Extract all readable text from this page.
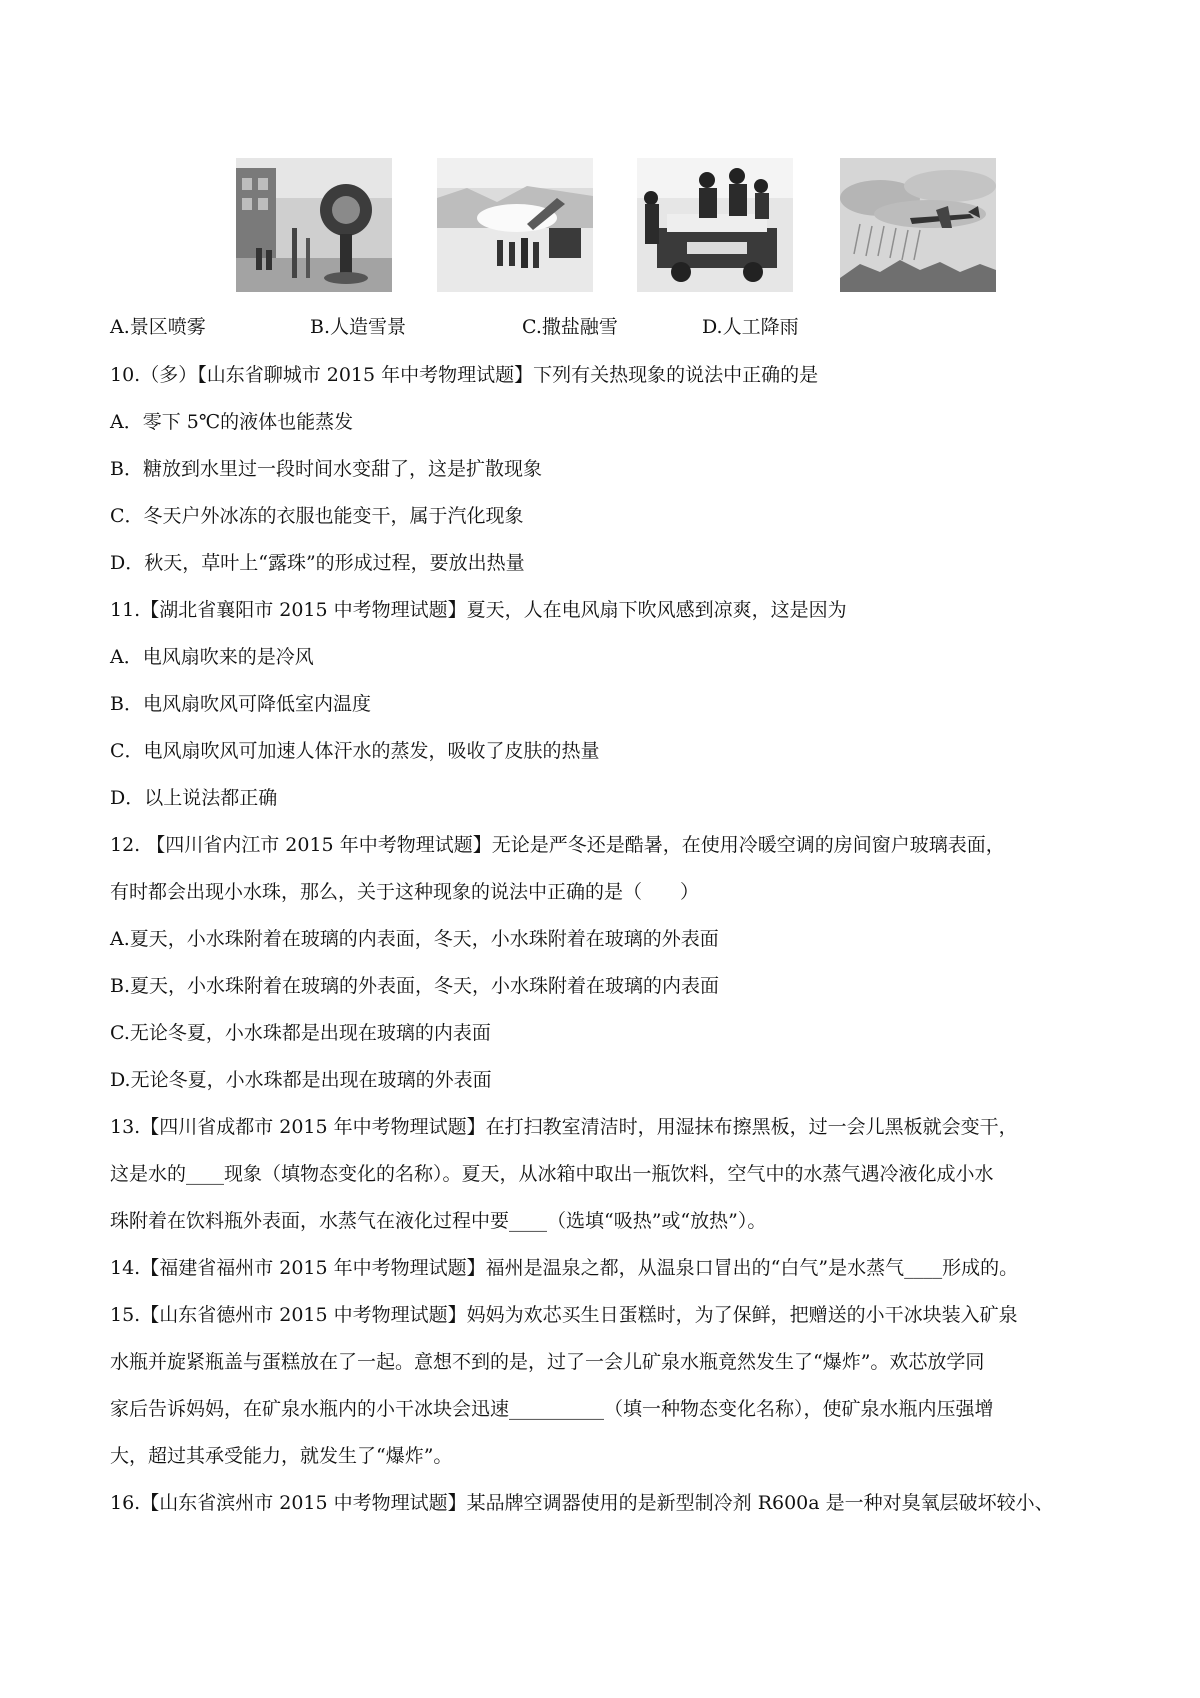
A.景区喷雾	B.人造雪景	C.撒盐融雪	D.人工降雨
10.（多）【山东省聊城市 2015 年中考物理试题】下列有关热现象的说法中正确的是
A．零下 5℃的液体也能蒸发
B．糖放到水里过一段时间水变甜了，这是扩散现象
C．冬天户外冰冻的衣服也能变干，属于汽化现象
D．秋天，草叶上“露珠”的形成过程，要放出热量
11.【湖北省襄阳市 2015 中考物理试题】夏天，人在电风扇下吹风感到凉爽，这是因为
A．电风扇吹来的是冷风
B．电风扇吹风可降低室内温度
C．电风扇吹风可加速人体汗水的蒸发，吸收了皮肤的热量
D．以上说法都正确
12. 【四川省内江市 2015 年中考物理试题】无论是严冬还是酷暑，在使用冷暖空调的房间窗户玻璃表面，
有时都会出现小水珠，那么，关于这种现象的说法中正确的是（　　）
A.夏天，小水珠附着在玻璃的内表面，冬天，小水珠附着在玻璃的外表面
B.夏天，小水珠附着在玻璃的外表面，冬天，小水珠附着在玻璃的内表面
C.无论冬夏，小水珠都是出现在玻璃的内表面
D.无论冬夏，小水珠都是出现在玻璃的外表面
13.【四川省成都市 2015 年中考物理试题】在打扫教室清洁时，用湿抹布擦黑板，过一会儿黑板就会变干，
这是水的____现象（填物态变化的名称）。夏天，从冰箱中取出一瓶饮料，空气中的水蒸气遇冷液化成小水
珠附着在饮料瓶外表面，水蒸气在液化过程中要____（选填“吸热”或“放热”）。
14.【福建省福州市 2015 年中考物理试题】福州是温泉之都，从温泉口冒出的“白气”是水蒸气____形成的。
15.【山东省德州市 2015 中考物理试题】妈妈为欢芯买生日蛋糕时，为了保鲜，把赠送的小干冰块装入矿泉
水瓶并旋紧瓶盖与蛋糕放在了一起。意想不到的是，过了一会儿矿泉水瓶竟然发生了“爆炸”。欢芯放学同
家后告诉妈妈，在矿泉水瓶内的小干冰块会迅速__________（填一种物态变化名称），使矿泉水瓶内压强增
大，超过其承受能力，就发生了“爆炸”。
16.【山东省滨州市 2015 中考物理试题】某品牌空调器使用的是新型制冷剂 R600a 是一种对臭氧层破坏较小、
